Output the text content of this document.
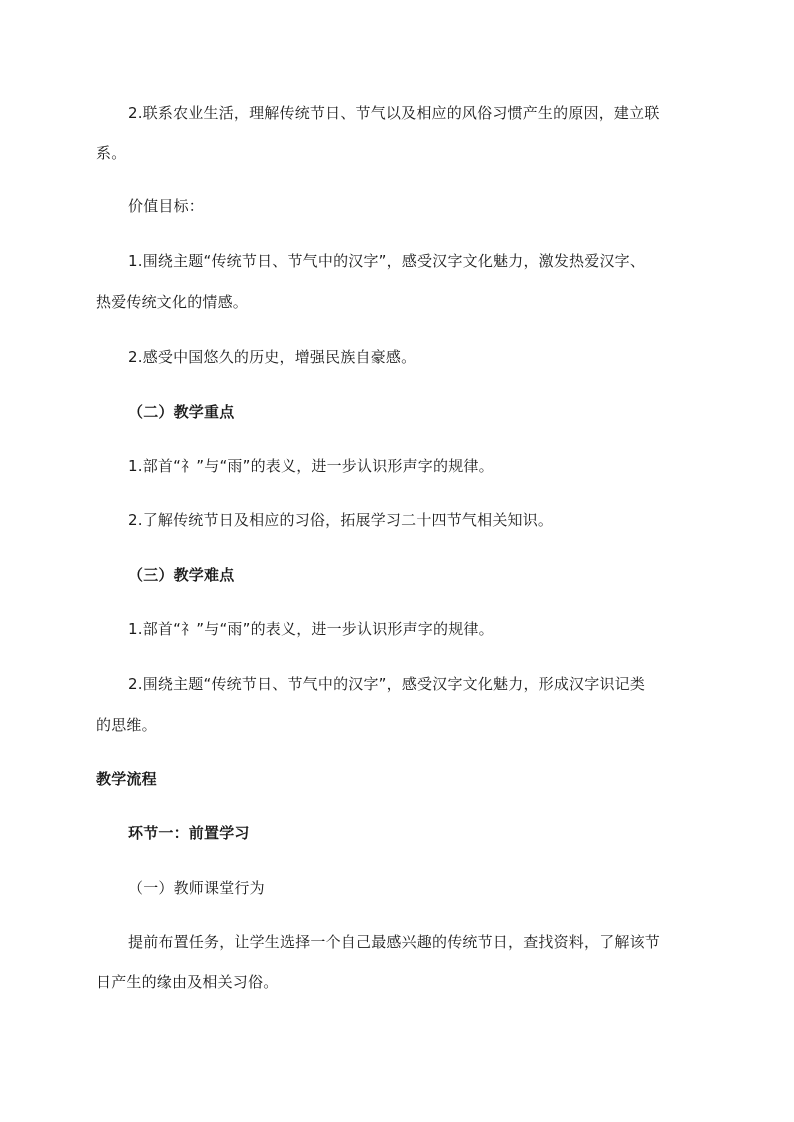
2.联系农业生活，理解传统节日、节气以及相应的风俗习惯产生的原因，建立联
系。
价值目标：
1.围绕主题“传统节日、节气中的汉字”，感受汉字文化魅力，激发热爱汉字、
热爱传统文化的情感。
2.感受中国悠久的历史，增强民族自豪感。
（二）教学重点
1.部首“礻”与“雨”的表义，进一步认识形声字的规律。
2.了解传统节日及相应的习俗，拓展学习二十四节气相关知识。
（三）教学难点
1.部首“礻”与“雨”的表义，进一步认识形声字的规律。
2.围绕主题“传统节日、节气中的汉字”，感受汉字文化魅力，形成汉字识记类
的思维。
教学流程
环节一：前置学习
（一）教师课堂行为
提前布置任务，让学生选择一个自己最感兴趣的传统节日，查找资料，了解该节
日产生的缘由及相关习俗。
